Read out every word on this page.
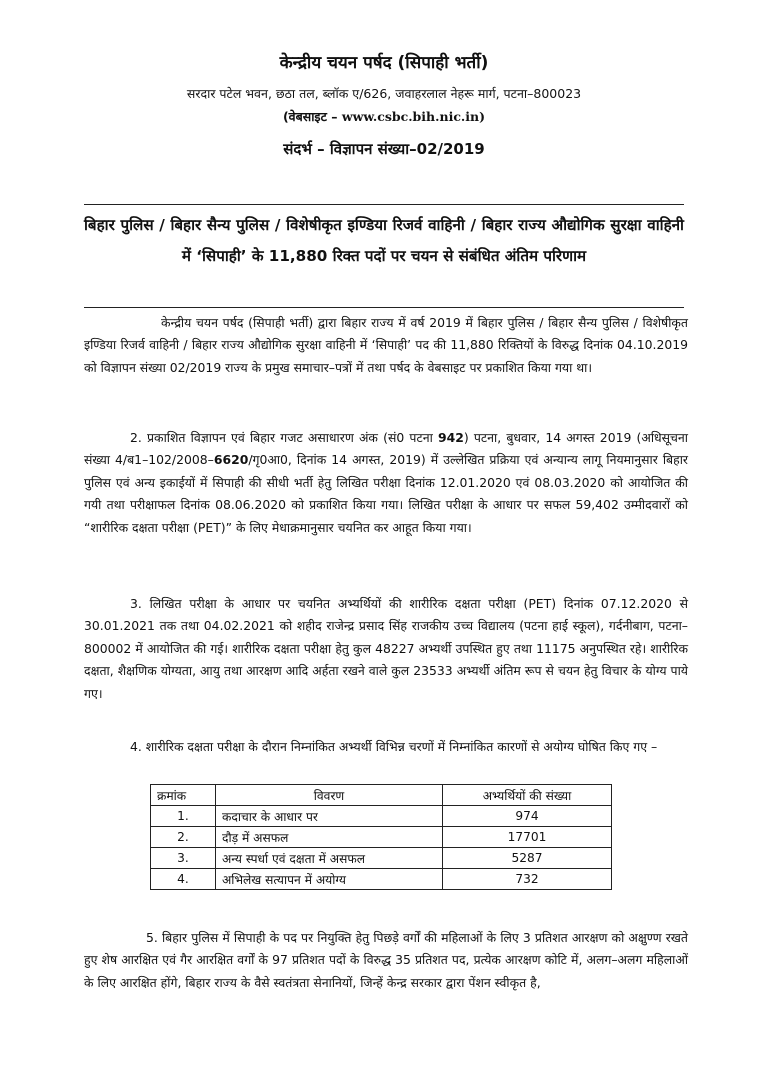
केन्द्रीय चयन पर्षद (सिपाही भर्ती)
सरदार पटेल भवन, छठा तल, ब्लॉक ए/626, जवाहरलाल नेहरू मार्ग, पटना–800023
(वेबसाइट – www.csbc.bih.nic.in)
संदर्भ – विज्ञापन संख्या–02/2019
बिहार पुलिस / बिहार सैन्य पुलिस / विशेषीकृत इण्डिया रिजर्व वाहिनी / बिहार राज्य औद्योगिक सुरक्षा वाहिनी में ‘सिपाही’ के 11,880 रिक्त पदों पर चयन से संबंधित अंतिम परिणाम
केन्द्रीय चयन पर्षद (सिपाही भर्ती) द्वारा बिहार राज्य में वर्ष 2019 में बिहार पुलिस / बिहार सैन्य पुलिस / विशेषीकृत इण्डिया रिजर्व वाहिनी / बिहार राज्य औद्योगिक सुरक्षा वाहिनी में ‘सिपाही’ पद की 11,880 रिक्तियों के विरुद्ध दिनांक 04.10.2019 को विज्ञापन संख्या 02/2019 राज्य के प्रमुख समाचार–पत्रों में तथा पर्षद के वेबसाइट पर प्रकाशित किया गया था।
2. प्रकाशित विज्ञापन एवं बिहार गजट असाधारण अंक (सं0 पटना 942) पटना, बुधवार, 14 अगस्त 2019 (अधिसूचना संख्या 4/ब1–102/2008–6620/गृ0आ0, दिनांक 14 अगस्त, 2019) में उल्लेखित प्रक्रिया एवं अन्यान्य लागू नियमानुसार बिहार पुलिस एवं अन्य इकाईयों में सिपाही की सीधी भर्ती हेतु लिखित परीक्षा दिनांक 12.01.2020 एवं 08.03.2020 को आयोजित की गयी तथा परीक्षाफल दिनांक 08.06.2020 को प्रकाशित किया गया। लिखित परीक्षा के आधार पर सफल 59,402 उम्मीदवारों को “शारीरिक दक्षता परीक्षा (PET)” के लिए मेधाक्रमानुसार चयनित कर आहूत किया गया।
3. लिखित परीक्षा के आधार पर चयनित अभ्यर्थियों की शारीरिक दक्षता परीक्षा (PET) दिनांक 07.12.2020 से 30.01.2021 तक तथा 04.02.2021 को शहीद राजेन्द्र प्रसाद सिंह राजकीय उच्च विद्यालय (पटना हाई स्कूल), गर्दनीबाग, पटना–800002 में आयोजित की गई। शारीरिक दक्षता परीक्षा हेतु कुल 48227 अभ्यर्थी उपस्थित हुए तथा 11175 अनुपस्थित रहे। शारीरिक दक्षता, शैक्षणिक योग्यता, आयु तथा आरक्षण आदि अर्हता रखने वाले कुल 23533 अभ्यर्थी अंतिम रूप से चयन हेतु विचार के योग्य पाये गए।
4. शारीरिक दक्षता परीक्षा के दौरान निम्नांकित अभ्यर्थी विभिन्न चरणों में निम्नांकित कारणों से अयोग्य घोषित किए गए –
क्रमांक	विवरण	अभ्यर्थियों की संख्या
1.	कदाचार के आधार पर	974
2.	दौड़ में असफल	17701
3.	अन्य स्पर्धा एवं दक्षता में असफल	5287
4.	अभिलेख सत्यापन में अयोग्य	732
5. बिहार पुलिस में सिपाही के पद पर नियुक्ति हेतु पिछड़े वर्गों की महिलाओं के लिए 3 प्रतिशत आरक्षण को अक्षुण्ण रखते हुए शेष आरक्षित एवं गैर आरक्षित वर्गों के 97 प्रतिशत पदों के विरुद्ध 35 प्रतिशत पद, प्रत्येक आरक्षण कोटि में, अलग–अलग महिलाओं के लिए आरक्षित होंगे, बिहार राज्य के वैसे स्वतंत्रता सेनानियों, जिन्हें केन्द्र सरकार द्वारा पेंशन स्वीकृत है,
